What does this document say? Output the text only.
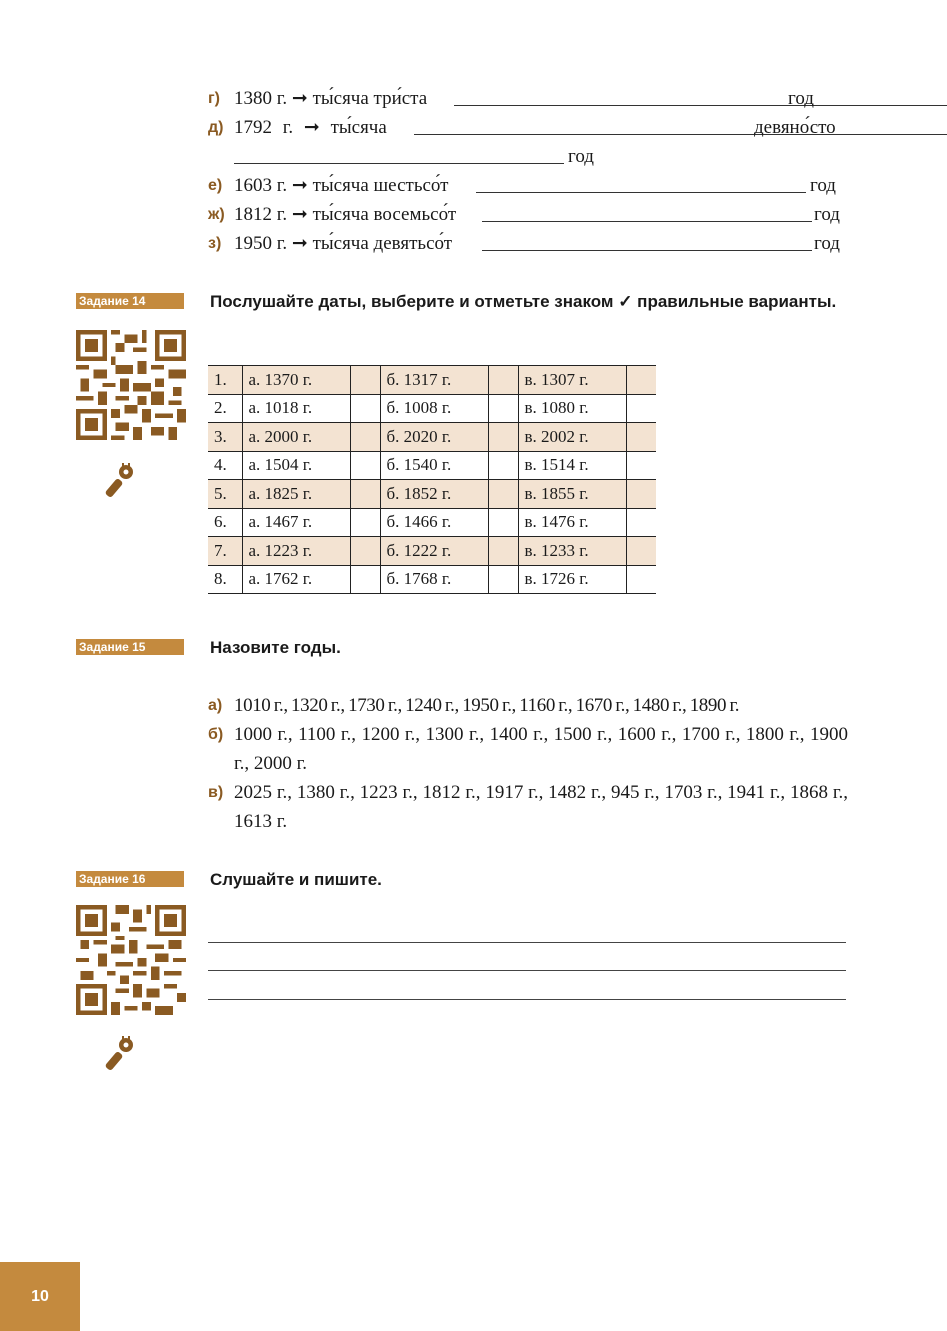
г) 1380 г. ➞ ты́сяча три́ста	год
д) 1792 г. ➞ ты́сяча	девяно́сто
год
е) 1603 г. ➞ ты́сяча шестьсо́т	год
ж) 1812 г. ➞ ты́сяча восемьсо́т	год
з) 1950 г. ➞ ты́сяча девятьсо́т	год
Задание 14	Послушайте даты, выберите и отметьте знаком ✓ правильные варианты.
1.	а. 1370 г.		б. 1317 г.		в. 1307 г.	
2.	а. 1018 г.		б. 1008 г.		в. 1080 г.	
3.	а. 2000 г.		б. 2020 г.		в. 2002 г.	
4.	а. 1504 г.		б. 1540 г.		в. 1514 г.	
5.	а. 1825 г.		б. 1852 г.		в. 1855 г.	
6.	а. 1467 г.		б. 1466 г.		в. 1476 г.	
7.	а. 1223 г.		б. 1222 г.		в. 1233 г.	
8.	а. 1762 г.		б. 1768 г.		в. 1726 г.	
Задание 15	Назовите годы.
а) 1010 г., 1320 г., 1730 г., 1240 г., 1950 г., 1160 г., 1670 г., 1480 г., 1890 г.
б) 1000 г., 1100 г., 1200 г., 1300 г., 1400 г., 1500 г., 1600 г., 1700 г., 1800 г., 1900 г., 2000 г.
в) 2025 г., 1380 г., 1223 г., 1812 г., 1917 г., 1482 г., 945 г., 1703 г., 1941 г., 1868 г., 1613 г.
Задание 16	Слушайте и пишите.
10
